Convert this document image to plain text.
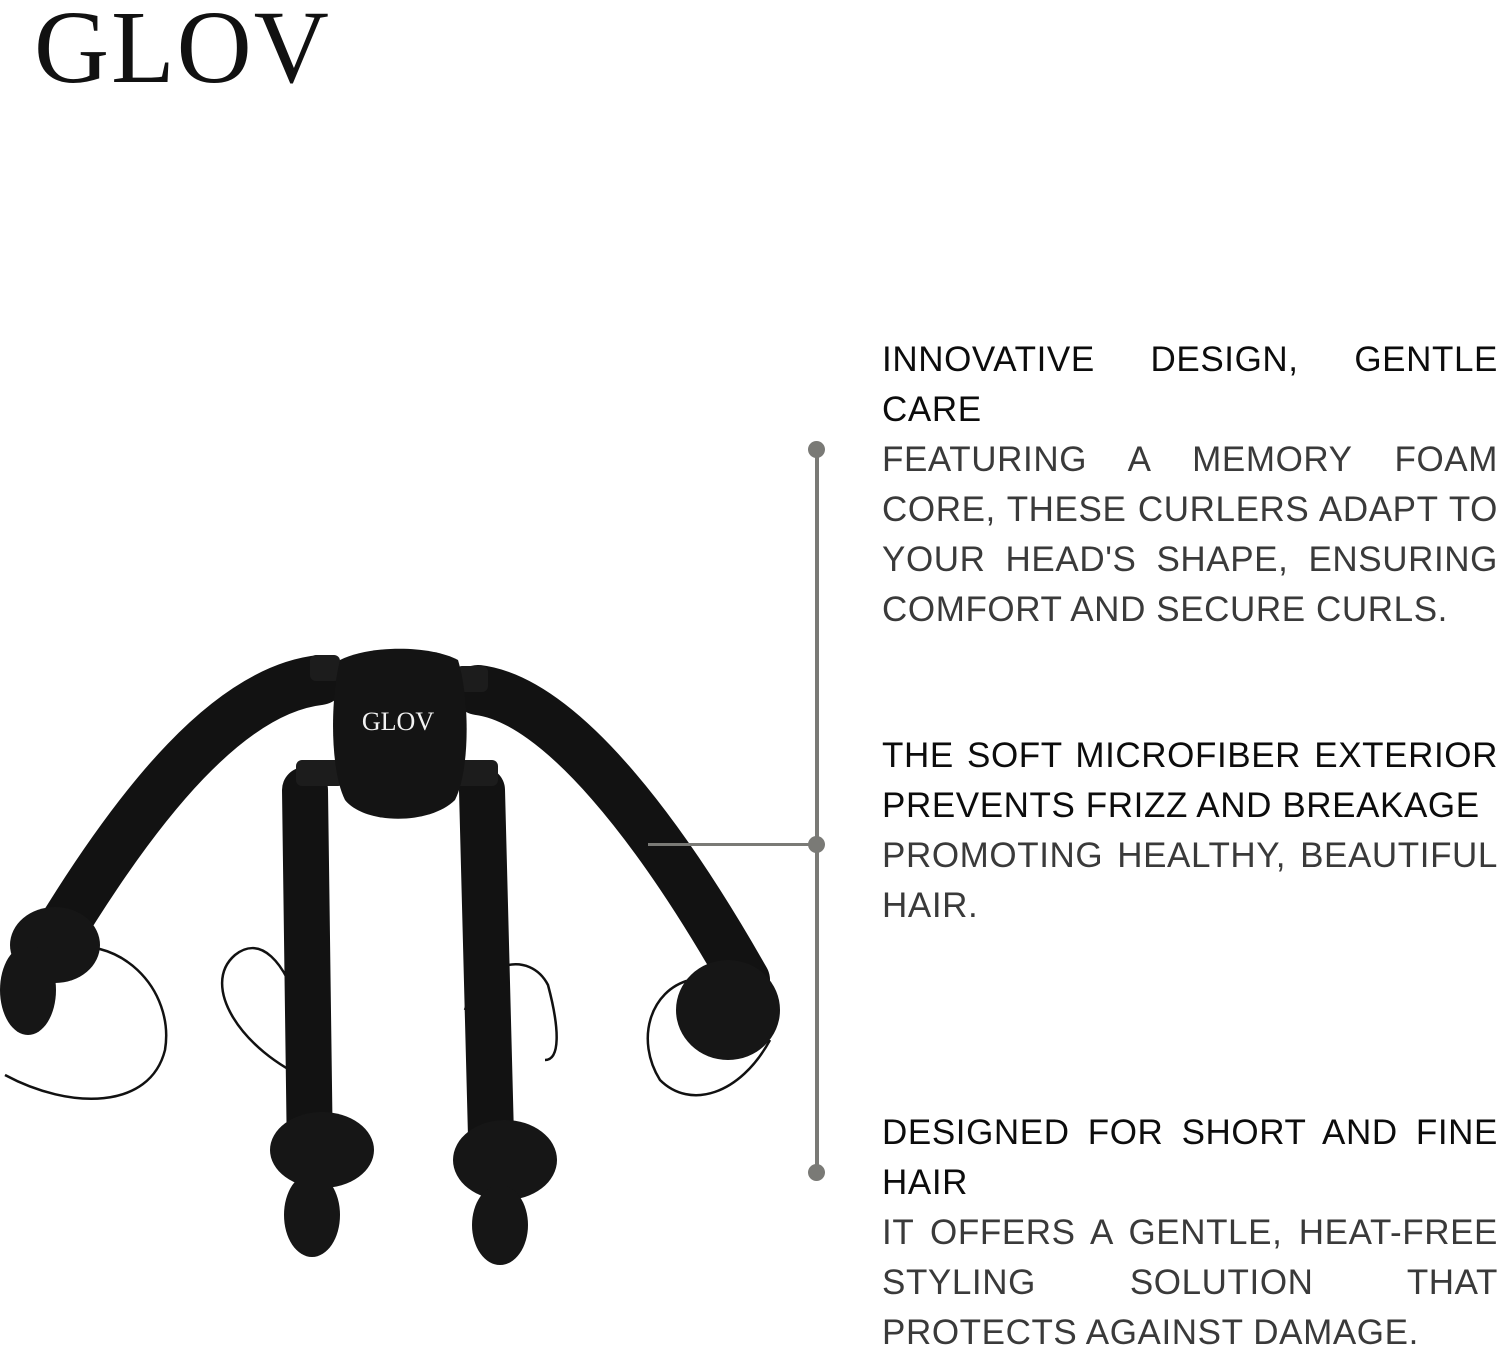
GLOV
GLOV
INNOVATIVE DESIGN, GENTLE CARE
FEATURING A MEMORY FOAM CORE, THESE CURLERS ADAPT TO YOUR HEAD'S SHAPE, ENSURING COMFORT AND SECURE CURLS.
THE SOFT MICROFIBER EXTERIOR PREVENTS FRIZZ AND BREAKAGE
PROMOTING HEALTHY, BEAUTIFUL HAIR.
DESIGNED FOR SHORT AND FINE HAIR
IT OFFERS A GENTLE, HEAT-FREE STYLING SOLUTION THAT PROTECTS AGAINST DAMAGE.
